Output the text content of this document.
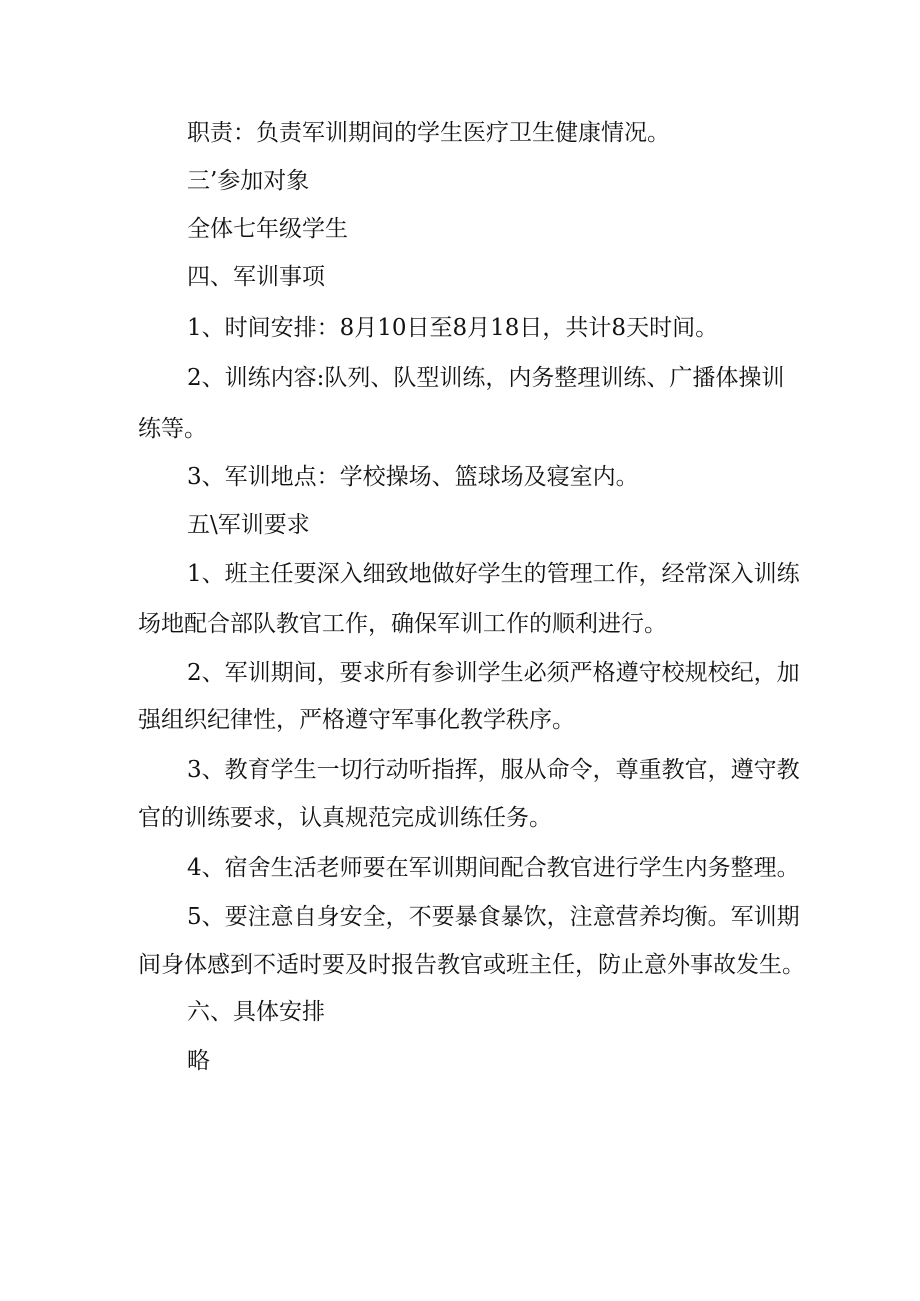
职责：负责军训期间的学生医疗卫生健康情况。
三’参加对象
全体七年级学生
四、军训事项
1、时间安排：8月10日至8月18日，共计8天时间。
2、训练内容:队列、队型训练，内务整理训练、广播体操训
练等。
3、军训地点：学校操场、篮球场及寝室内。
五\军训要求
1、班主任要深入细致地做好学生的管理工作，经常深入训练
场地配合部队教官工作，确保军训工作的顺利进行。
2、军训期间，要求所有参训学生必须严格遵守校规校纪，加
强组织纪律性，严格遵守军事化教学秩序。
3、教育学生一切行动听指挥，服从命令，尊重教官，遵守教
官的训练要求，认真规范完成训练任务。
4、宿舍生活老师要在军训期间配合教官进行学生内务整理。
5、要注意自身安全，不要暴食暴饮，注意营养均衡。军训期
间身体感到不适时要及时报告教官或班主任，防止意外事故发生。
六、具体安排
略
